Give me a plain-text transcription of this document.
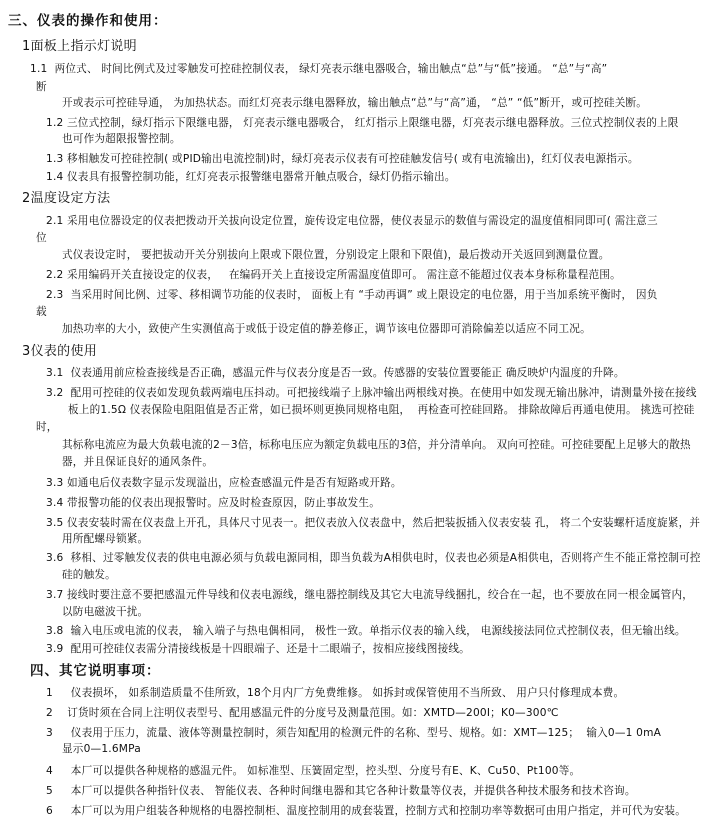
三、仪表的操作和使用：
1面板上指示灯说明
1.1  两位式、 时间比例式及过零触发可控硅控制仪表， 绿灯亮表示继电器吸合，输出触点“总”与“低”接通。 “总”与“高”
断
开或表示可控硅导通， 为加热状态。而红灯亮表示继电器释放，输出触点“总”与“高”通， “总” “低”断开，或可控硅关断。
1.2 三位式控制，绿灯指示下限继电器， 灯亮表示继电器吸合， 红灯指示上限继电器，灯亮表示继电器释放。三位式控制仪表的上限
也可作为超限报警控制。
1.3 移相触发可控硅控制( 或PID输出电流控制)时，绿灯亮表示仪表有可控硅触发信号( 或有电流输出)，红灯仪表电源指示。
1.4 仪表具有报警控制功能，红灯亮表示报警继电器常开触点吸合，绿灯仍指示输出。
2温度设定方法
2.1 采用电位器设定的仪表把拨动开关拔向设定位置，旋传设定电位器，使仪表显示的数值与需设定的温度值相同即可( 需注意三
位
式仪表设定时， 要把拔动开关分别拔向上限或下限位置，分别设定上限和下限值)，最后拨动开关返回到测量位置。
2.2 采用编码开关直接设定的仪表，   在编码开关上直接设定所需温度值即可。 需注意不能超过仪表本身标称量程范围。
2.3  当采用时间比例、过零、移相调节功能的仪表时， 面板上有 “手动再调” 或上限设定的电位器，用于当加系统平衡时， 因负
载
加热功率的大小，致使产生实测值高于或低于设定值的静差修正，调节该电位器即可消除偏差以适应不同工况。
3仪表的使用
3.1  仪表通用前应检查接线是否正确，感温元件与仪表分度是否一致。传感器的安装位置要能正 确反映炉内温度的升降。
3.2  配用可控硅的仪表如发现负载两端电压抖动。可把接线端子上脉冲输出两根线对换。在使用中如发现无输出脉冲，请测量外接在接线
板上的1.5Ω 仪表保险电阻阻值是否正常，如已损坏则更换同规格电阻，  再检查可控硅回路。 排除故障后再通电使用。 挑选可控硅
时，
其标称电流应为最大负载电流的2－3倍，标称电压应为额定负载电压的3倍，并分清单向。 双向可控硅。可控硅要配上足够大的散热
器，并且保证良好的通风条件。
3.3 如通电后仪表数字显示发现溢出，应检查感温元件是否有短路或开路。
3.4 带报警功能的仪表出现报警时。应及时检查原因，防止事故发生。
3.5 仪表安装时需在仪表盘上开孔，具体尺寸见表一。把仪表放入仪表盘中，然后把装扳插入仪表安装 孔， 将二个安装螺杆适度旋紧，并
用所配螺母锁紧。
3.6  移相、过零触发仪表的供电电源必须与负载电源同相，即当负载为A相供电时，仪表也必须是A相供电，否则将产生不能正常控制可控
硅的触发。
3.7 接线时要注意不要把感温元件导线和仪表电源线，继电器控制线及其它大电流导线捆扎，绞合在一起，也不要放在同一根金属管内，
以防电磁波干扰。
3.8  输入电压或电流的仪表， 输入端子与热电偶相同， 极性一致。单指示仪表的输入线， 电源线接法同位式控制仪表，但无输出线。
3.9  配用可控硅仪表需分清接线板是十四眼端子、还是十二眼端子，按相应接线图接线。
四、其它说明事项：
1     仪表损坏， 如系制造质量不佳所致，18个月内厂方免费维修。 如拆封或保管使用不当所致、 用户只付修理成本费。
2    订货时须在合同上注明仪表型号、配用感温元件的分度号及测量范围。如：XMTD—200Ⅰ；K0—300℃
3     仪表用于压力，流量、液体等测量控制时，须告知配用的检测元件的名称、型号、规格。如：XMT—125；  输入0—1 0mA
显示0—1.6MPa
4     本厂可以提供各种规格的感温元件。 如标准型、压簧固定型，控头型、分度号有E、K、Cu50、Pt100等。
5     本厂可以提供各种指针仪表、 智能仪表、各种时间继电器和其它各种计数量等仪表，并提供各种技术服务和技术咨询。
6     本厂可以为用户组装各种规格的电器控制柜、温度控制用的成套装置，控制方式和控制功率等数据可由用户指定，并可代为安装。
